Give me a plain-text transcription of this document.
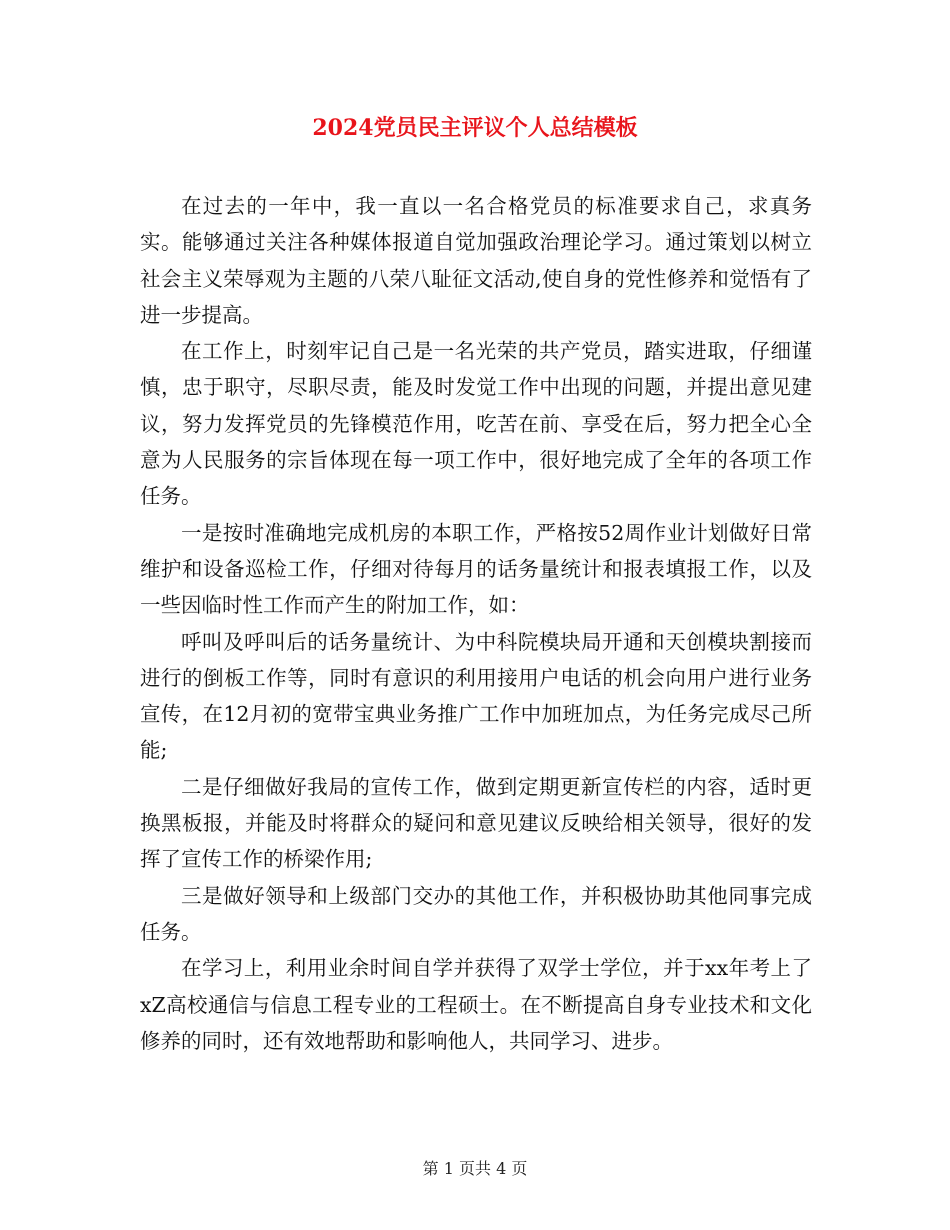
2024党员民主评议个人总结模板

在过去的一年中，我一直以一名合格党员的标准要求自己，求真务实。能够通过关注各种媒体报道自觉加强政治理论学习。通过策划以树立社会主义荣辱观为主题的八荣八耻征文活动,使自身的党性修养和觉悟有了进一步提高。

在工作上，时刻牢记自己是一名光荣的共产党员，踏实进取，仔细谨慎，忠于职守，尽职尽责，能及时发觉工作中出现的问题，并提出意见建议，努力发挥党员的先锋模范作用，吃苦在前、享受在后，努力把全心全意为人民服务的宗旨体现在每一项工作中，很好地完成了全年的各项工作任务。

一是按时准确地完成机房的本职工作，严格按52周作业计划做好日常维护和设备巡检工作，仔细对待每月的话务量统计和报表填报工作，以及一些因临时性工作而产生的附加工作，如：

呼叫及呼叫后的话务量统计、为中科院模块局开通和天创模块割接而进行的倒板工作等，同时有意识的利用接用户电话的机会向用户进行业务宣传，在12月初的宽带宝典业务推广工作中加班加点，为任务完成尽己所能;

二是仔细做好我局的宣传工作，做到定期更新宣传栏的内容，适时更换黑板报，并能及时将群众的疑问和意见建议反映给相关领导，很好的发挥了宣传工作的桥梁作用;

三是做好领导和上级部门交办的其他工作，并积极协助其他同事完成任务。

在学习上，利用业余时间自学并获得了双学士学位，并于xx年考上了xZ高校通信与信息工程专业的工程硕士。在不断提高自身专业技术和文化修养的同时，还有效地帮助和影响他人，共同学习、进步。

第 1 页共 4 页
